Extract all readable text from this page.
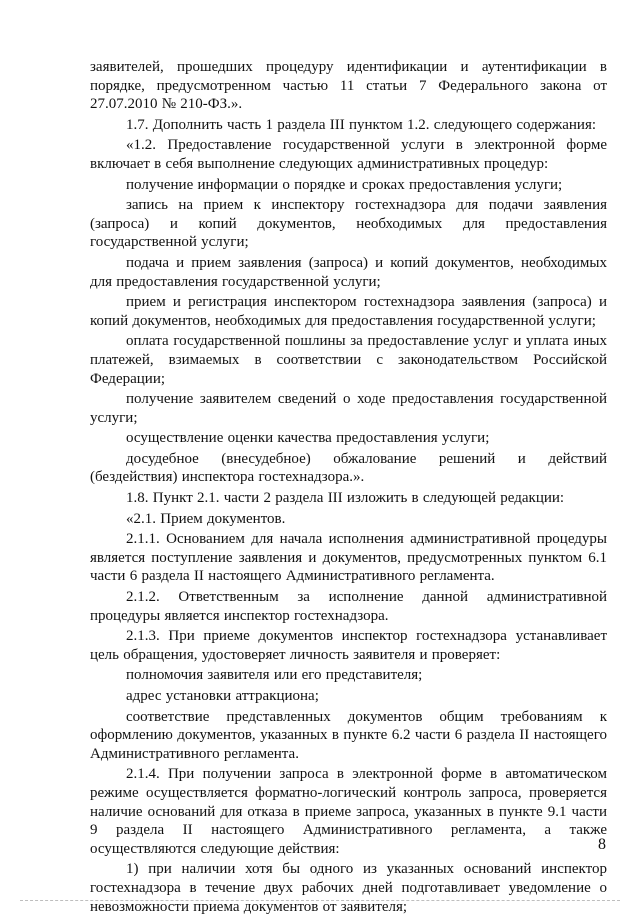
заявителей, прошедших процедуру идентификации и аутентификации в порядке, предусмотренном частью 11 статьи 7 Федерального закона от 27.07.2010 № 210-ФЗ.».

1.7. Дополнить часть 1 раздела III пунктом 1.2. следующего содержания:

«1.2. Предоставление государственной услуги в электронной форме включает в себя выполнение следующих административных процедур:

получение информации о порядке и сроках предоставления услуги;

запись на прием к инспектору гостехнадзора для подачи заявления (запроса) и копий документов, необходимых для предоставления государственной услуги;

подача и прием заявления (запроса) и копий документов, необходимых для предоставления государственной услуги;

прием и регистрация инспектором гостехнадзора заявления (запроса) и копий документов, необходимых для предоставления государственной услуги;

оплата государственной пошлины за предоставление услуг и уплата иных платежей, взимаемых в соответствии с законодательством Российской Федерации;

получение заявителем сведений о ходе предоставления государственной услуги;

осуществление оценки качества предоставления услуги;

досудебное (внесудебное) обжалование решений и действий (бездействия) инспектора гостехнадзора.».

1.8. Пункт 2.1. части 2 раздела III изложить в следующей редакции:

«2.1. Прием документов.

2.1.1. Основанием для начала исполнения административной процедуры является поступление заявления и документов, предусмотренных пунктом 6.1 части 6 раздела II настоящего Административного регламента.

2.1.2. Ответственным за исполнение данной административной процедуры является инспектор гостехнадзора.

2.1.3. При приеме документов инспектор гостехнадзора устанавливает цель обращения, удостоверяет личность заявителя и проверяет:

полномочия заявителя или его представителя;

адрес установки аттракциона;

соответствие представленных документов общим требованиям к оформлению документов, указанных в пункте 6.2 части 6 раздела II настоящего Административного регламента.

2.1.4. При получении запроса в электронной форме в автоматическом режиме осуществляется форматно-логический контроль запроса, проверяется наличие оснований для отказа в приеме запроса, указанных в пункте 9.1 части 9 раздела II настоящего Административного регламента, а также осуществляются следующие действия:

1) при наличии хотя бы одного из указанных оснований инспектор гостехнадзора в течение двух рабочих дней подготавливает уведомление о невозможности приема документов от заявителя;

8
